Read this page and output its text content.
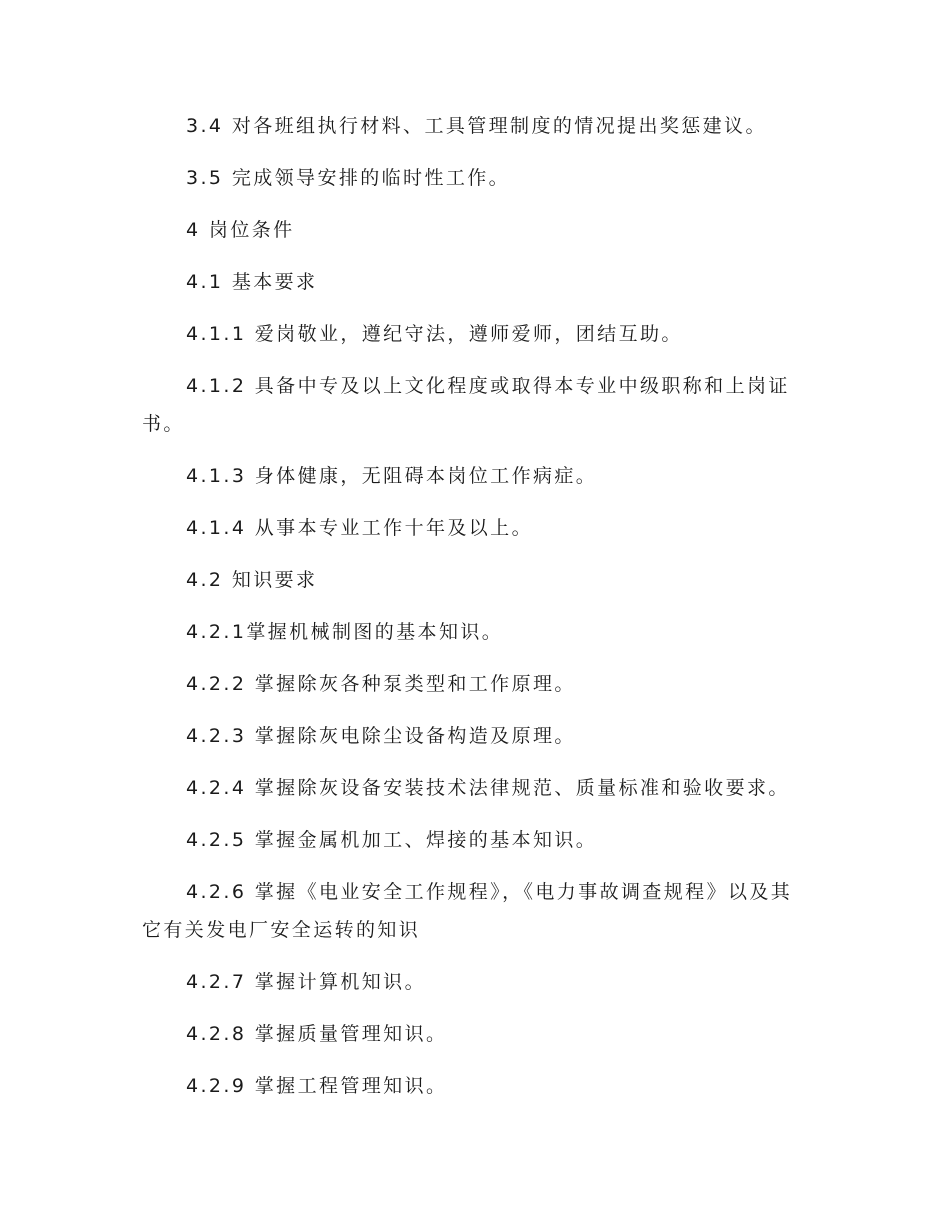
3.4 对各班组执行材料、工具管理制度的情况提出奖惩建议。

3.5 完成领导安排的临时性工作。

4 岗位条件

4.1 基本要求

4.1.1 爱岗敬业，遵纪守法，遵师爱师，团结互助。

4.1.2 具备中专及以上文化程度或取得本专业中级职称和上岗证书。

4.1.3 身体健康，无阻碍本岗位工作病症。

4.1.4 从事本专业工作十年及以上。

4.2 知识要求

4.2.1掌握机械制图的基本知识。

4.2.2 掌握除灰各种泵类型和工作原理。

4.2.3 掌握除灰电除尘设备构造及原理。

4.2.4 掌握除灰设备安装技术法律规范、质量标准和验收要求。

4.2.5 掌握金属机加工、焊接的基本知识。

4.2.6 掌握《电业安全工作规程》，《电力事故调查规程》以及其它有关发电厂安全运转的知识

4.2.7 掌握计算机知识。

4.2.8 掌握质量管理知识。

4.2.9 掌握工程管理知识。
